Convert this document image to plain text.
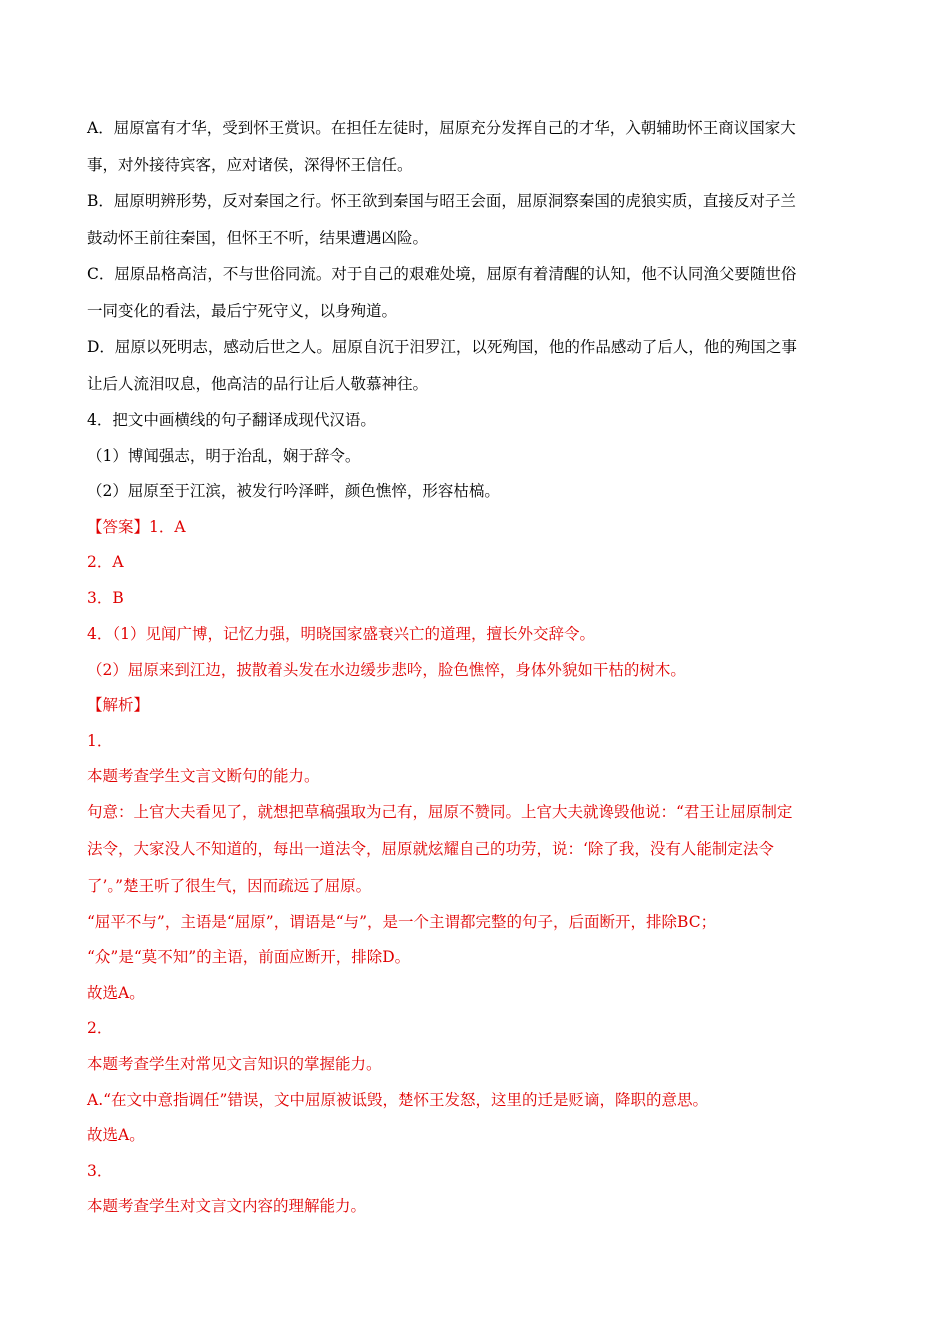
A．屈原富有才华，受到怀王赏识。在担任左徒时，屈原充分发挥自己的才华，入朝辅助怀王商议国家大
事，对外接待宾客，应对诸侯，深得怀王信任。
B．屈原明辨形势，反对秦国之行。怀王欲到秦国与昭王会面，屈原洞察秦国的虎狼实质，直接反对子兰
鼓动怀王前往秦国，但怀王不听，结果遭遇凶险。
C．屈原品格高洁，不与世俗同流。对于自己的艰难处境，屈原有着清醒的认知，他不认同渔父要随世俗
一同变化的看法，最后宁死守义，以身殉道。
D．屈原以死明志，感动后世之人。屈原自沉于汨罗江，以死殉国，他的作品感动了后人，他的殉国之事
让后人流泪叹息，他高洁的品行让后人敬慕神往。
4．把文中画横线的句子翻译成现代汉语。
（1）博闻强志，明于治乱，娴于辞令。
（2）屈原至于江滨，被发行吟泽畔，颜色憔悴，形容枯槁。
【答案】1．A
2．A
3．B
4．（1）见闻广博，记忆力强，明晓国家盛衰兴亡的道理，擅长外交辞令。
（2）屈原来到江边，披散着头发在水边缓步悲吟，脸色憔悴，身体外貌如干枯的树木。
【解析】
1．
本题考查学生文言文断句的能力。
句意：上官大夫看见了，就想把草稿强取为己有，屈原不赞同。上官大夫就谗毁他说：“君王让屈原制定
法令，大家没人不知道的，每出一道法令，屈原就炫耀自己的功劳，说：‘除了我，没有人能制定法令
了’。”楚王听了很生气，因而疏远了屈原。
“屈平不与”，主语是“屈原”，谓语是“与”，是一个主谓都完整的句子，后面断开，排除BC；
“众”是“莫不知”的主语，前面应断开，排除D。
故选A。
2．
本题考查学生对常见文言知识的掌握能力。
A.“在文中意指调任”错误，文中屈原被诋毁，楚怀王发怒，这里的迁是贬谪，降职的意思。
故选A。
3．
本题考查学生对文言文内容的理解能力。
